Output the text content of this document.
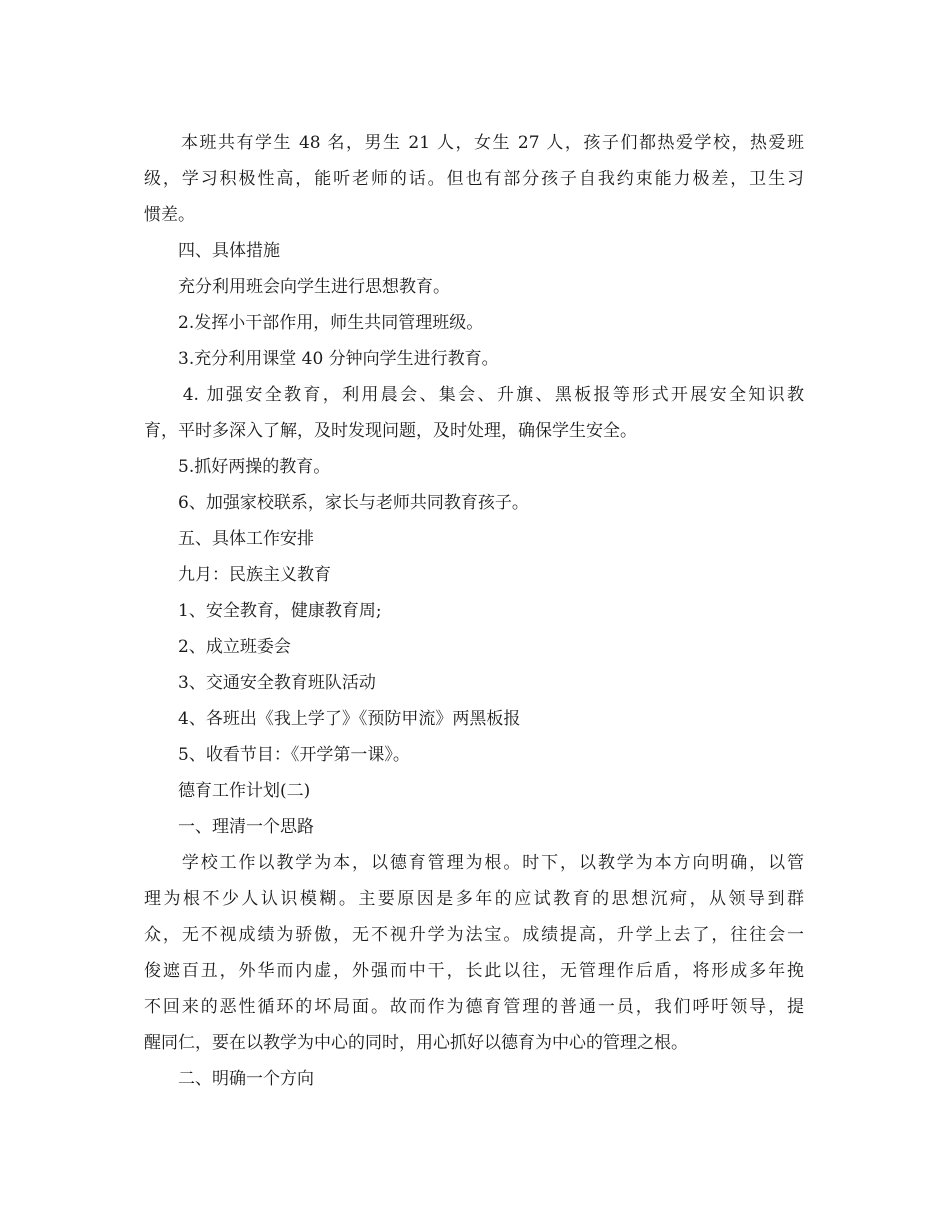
　　本班共有学生 48 名，男生 21 人，女生 27 人，孩子们都热爱学校，热爱班
级，学习积极性高，能听老师的话。但也有部分孩子自我约束能力极差，卫生习
惯差。
　　四、具体措施
　　充分利用班会向学生进行思想教育。
　　2.发挥小干部作用，师生共同管理班级。
　　3.充分利用课堂 40 分钟向学生进行教育。
　　4. 加强安全教育，利用晨会、集会、升旗、黑板报等形式开展安全知识教
育，平时多深入了解，及时发现问题，及时处理，确保学生安全。
　　5.抓好两操的教育。
　　6、加强家校联系，家长与老师共同教育孩子。
　　五、具体工作安排
　　九月：民族主义教育
　　1、安全教育，健康教育周;
　　2、成立班委会
　　3、交通安全教育班队活动
　　4、各班出《我上学了》《预防甲流》两黑板报
　　5、收看节目：《开学第一课》。
　　德育工作计划(二)
　　一、理清一个思路
　　学校工作以教学为本，以德育管理为根。时下，以教学为本方向明确，以管
理为根不少人认识模糊。主要原因是多年的应试教育的思想沉疴，从领导到群
众，无不视成绩为骄傲，无不视升学为法宝。成绩提高，升学上去了，往往会一
俊遮百丑，外华而内虚，外强而中干，长此以往，无管理作后盾，将形成多年挽
不回来的恶性循环的坏局面。故而作为德育管理的普通一员，我们呼吁领导，提
醒同仁，要在以教学为中心的同时，用心抓好以德育为中心的管理之根。
　　二、明确一个方向
